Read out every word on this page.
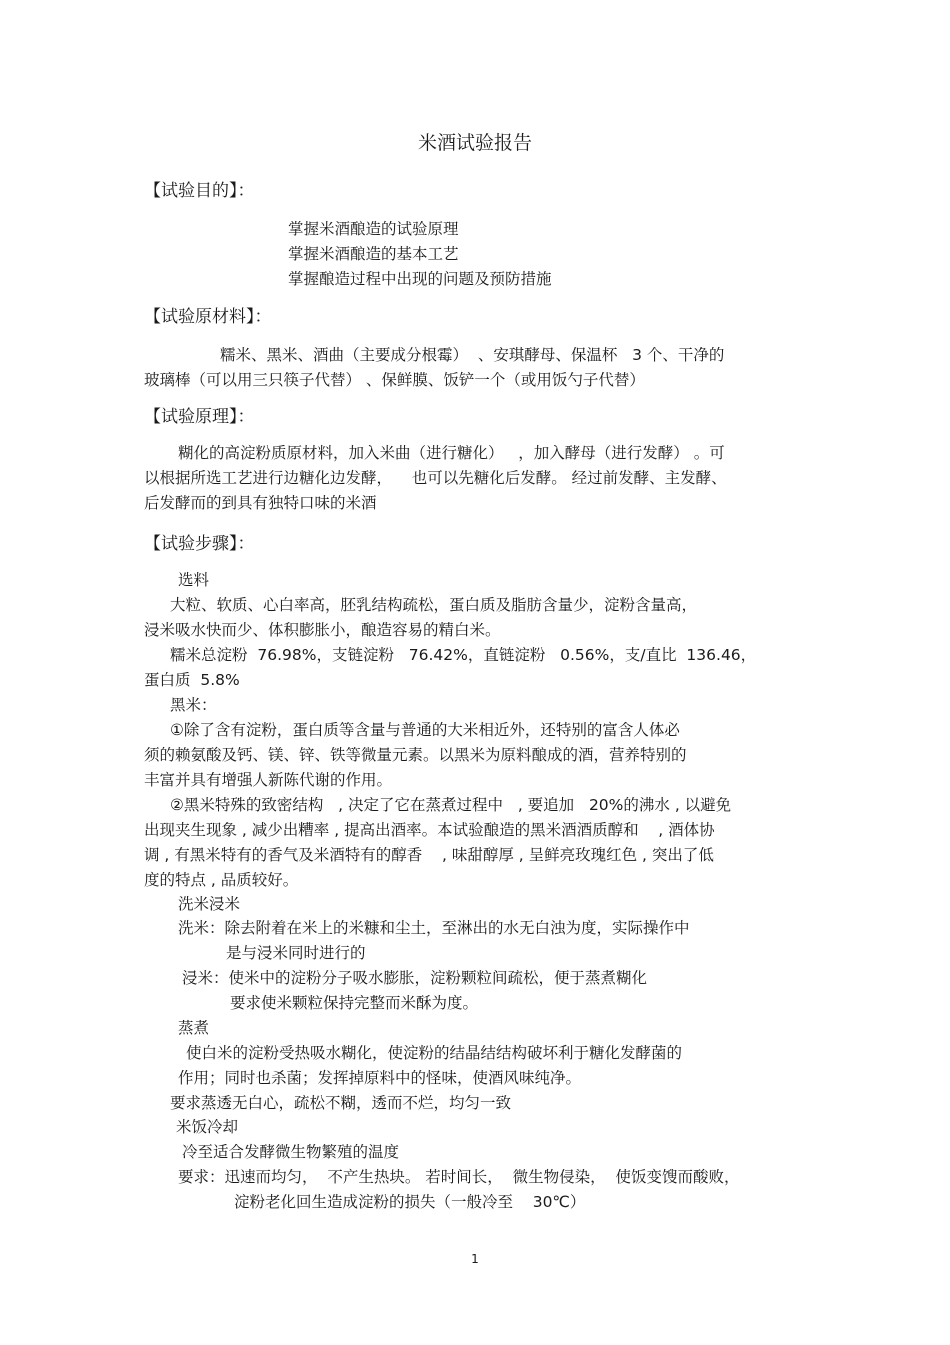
米酒试验报告
【试验目的】：
掌握米酒酿造的试验原理
掌握米酒酿造的基本工艺
掌握酿造过程中出现的问题及预防措施
【试验原材料】：
糯米、黑米、酒曲（主要成分根霉）  、安琪酵母、保温杯   3 个、干净的
玻璃棒（可以用三只筷子代替） 、保鲜膜、饭铲一个（或用饭勺子代替）
【试验原理】：
糊化的高淀粉质原材料，加入米曲（进行糖化）   ，加入酵母（进行发酵） 。可
以根据所选工艺进行边糖化边发酵，    也可以先糖化后发酵。 经过前发酵、主发酵、
后发酵而的到具有独特口味的米酒
【试验步骤】：
选料
大粒、软质、心白率高，胚乳结构疏松，蛋白质及脂肪含量少，淀粉含量高，
浸米吸水快而少、体积膨胀小，酿造容易的精白米。
糯米总淀粉  76.98%，支链淀粉   76.42%，直链淀粉   0.56%，支/直比  136.46，
蛋白质  5.8%
黑米：
①除了含有淀粉，蛋白质等含量与普通的大米相近外，还特别的富含人体必
须的赖氨酸及钙、镁、锌、铁等微量元素。以黑米为原料酿成的酒，营养特别的
丰富并具有增强人新陈代谢的作用。
②黑米特殊的致密结构   , 决定了它在蒸煮过程中   , 要追加   20%的沸水 , 以避免
出现夹生现象 , 减少出糟率 , 提高出酒率。本试验酿造的黑米酒酒质醇和    , 酒体协
调 , 有黑米特有的香气及米酒特有的醇香    , 味甜醇厚 , 呈鲜亮玫瑰红色 , 突出了低
度的特点 , 品质较好。
洗米浸米
洗米：除去附着在米上的米糠和尘土，至淋出的水无白浊为度，实际操作中
是与浸米同时进行的
浸米：使米中的淀粉分子吸水膨胀，淀粉颗粒间疏松，便于蒸煮糊化
要求使米颗粒保持完整而米酥为度。
蒸煮
使白米的淀粉受热吸水糊化，使淀粉的结晶结结构破坏利于糖化发酵菌的
作用；同时也杀菌；发挥掉原料中的怪味，使酒风味纯净。
要求蒸透无白心，疏松不糊，透而不烂，均匀一致
米饭冷却
冷至适合发酵微生物繁殖的温度
要求：迅速而均匀，  不产生热块。 若时间长，  微生物侵染，  使饭变馊而酸败，
淀粉老化回生造成淀粉的损失（一般冷至    30℃）
1
